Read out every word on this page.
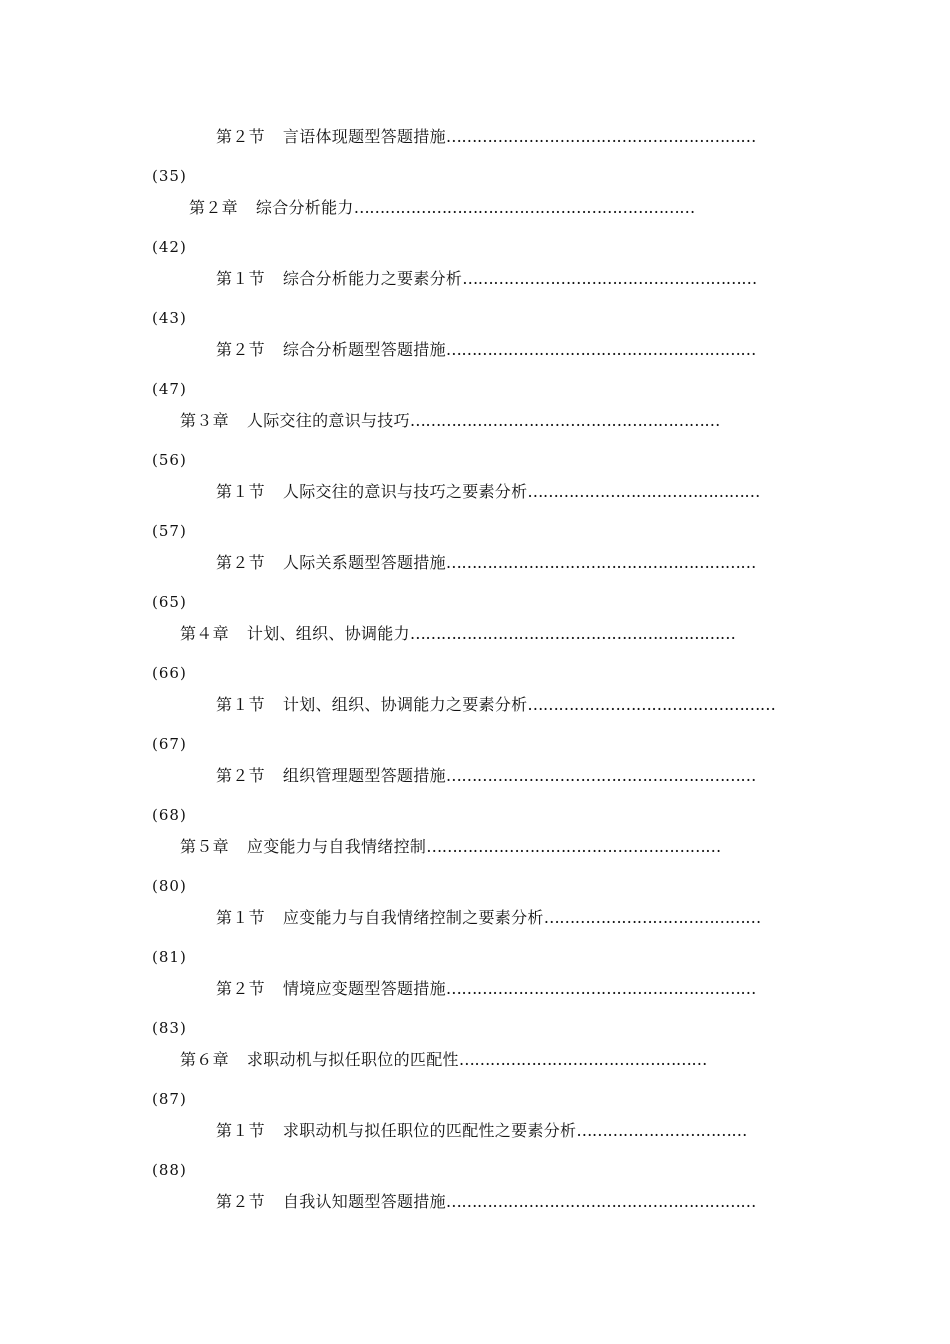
第２节 言语体现题型答题措施……………………………………………………
(35)
第２章 综合分析能力…………………………………………………………
(42)
第１节 综合分析能力之要素分析…………………………………………………
(43)
第２节 综合分析题型答题措施……………………………………………………
(47)
第３章 人际交往的意识与技巧……………………………………………………
(56)
第１节 人际交往的意识与技巧之要素分析………………………………………
(57)
第２节 人际关系题型答题措施……………………………………………………
(65)
第４章 计划、组织、协调能力………………………………………………………
(66)
第１节 计划、组织、协调能力之要素分析…………………………………………
(67)
第２节 组织管理题型答题措施……………………………………………………
(68)
第５章 应变能力与自我情绪控制…………………………………………………
(80)
第１节 应变能力与自我情绪控制之要素分析……………………………………
(81)
第２节 情境应变题型答题措施……………………………………………………
(83)
第６章 求职动机与拟任职位的匹配性…………………………………………
(87)
第１节 求职动机与拟任职位的匹配性之要素分析……………………………
(88)
第２节 自我认知题型答题措施……………………………………………………
